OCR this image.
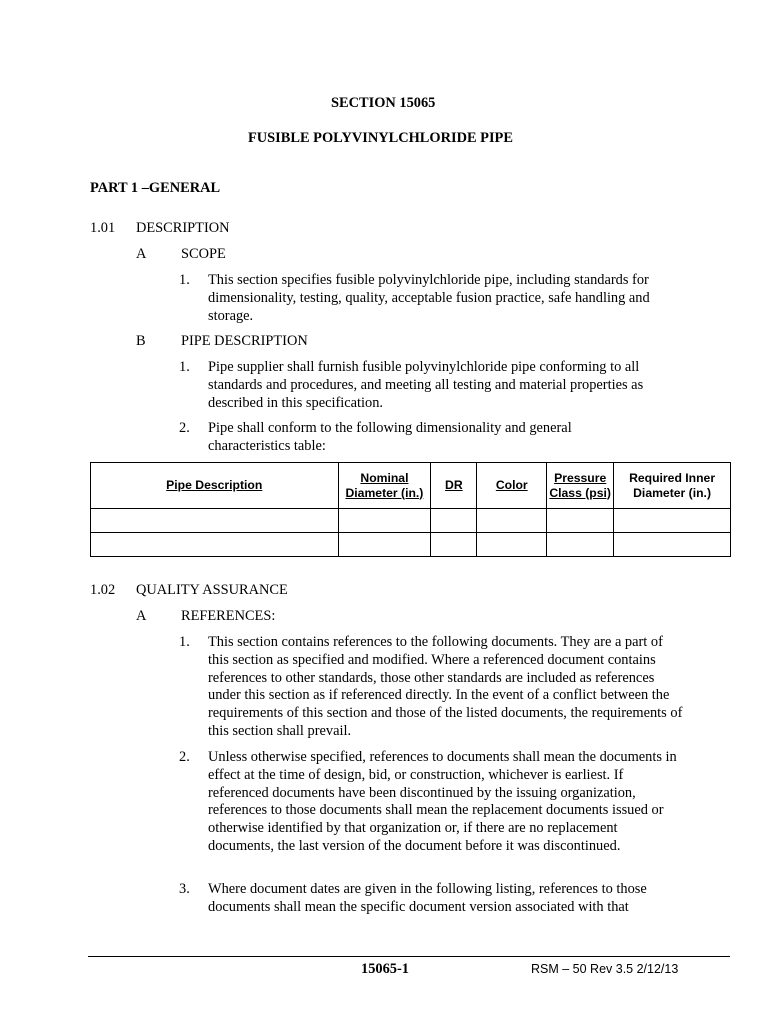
SECTION 15065
FUSIBLE POLYVINYLCHLORIDE PIPE
PART 1 –GENERAL
1.01 DESCRIPTION
A SCOPE
1. This section specifies fusible polyvinylchloride pipe, including standards for dimensionality, testing, quality, acceptable fusion practice, safe handling and storage.
B PIPE DESCRIPTION
1. Pipe supplier shall furnish fusible polyvinylchloride pipe conforming to all standards and procedures, and meeting all testing and material properties as described in this specification.
2. Pipe shall conform to the following dimensionality and general characteristics table:
Pipe Description	Nominal Diameter (in.)	DR	Color	Pressure Class (psi)	Required Inner Diameter (in.)

1.02 QUALITY ASSURANCE
A REFERENCES:
1. This section contains references to the following documents. They are a part of this section as specified and modified. Where a referenced document contains references to other standards, those other standards are included as references under this section as if referenced directly. In the event of a conflict between the requirements of this section and those of the listed documents, the requirements of this section shall prevail.
2. Unless otherwise specified, references to documents shall mean the documents in effect at the time of design, bid, or construction, whichever is earliest. If referenced documents have been discontinued by the issuing organization, references to those documents shall mean the replacement documents issued or otherwise identified by that organization or, if there are no replacement documents, the last version of the document before it was discontinued.
3. Where document dates are given in the following listing, references to those documents shall mean the specific document version associated with that
15065-1	RSM – 50 Rev 3.5 2/12/13
